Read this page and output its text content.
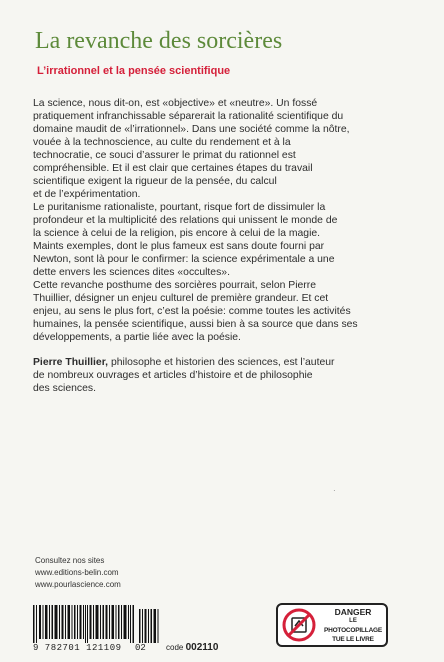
La revanche des sorcières
L’irrationnel et la pensée scientifique

La science, nous dit-on, est «objective» et «neutre». Un fossé
pratiquement infranchissable séparerait la rationalité scientifique du
domaine maudit de «l’irrationnel». Dans une société comme la nôtre,
vouée à la technoscience, au culte du rendement et à la
technocratie, ce souci d’assurer le primat du rationnel est
compréhensible. Et il est clair que certaines étapes du travail
scientifique exigent la rigueur de la pensée, du calcul
et de l’expérimentation.

Le puritanisme rationaliste, pourtant, risque fort de dissimuler la
profondeur et la multiplicité des relations qui unissent le monde de
la science à celui de la religion, pis encore à celui de la magie.
Maints exemples, dont le plus fameux est sans doute fourni par
Newton, sont là pour le confirmer: la science expérimentale a une
dette envers les sciences dites «occultes».

Cette revanche posthume des sorcières pourrait, selon Pierre
Thuillier, désigner un enjeu culturel de première grandeur. Et cet
enjeu, au sens le plus fort, c’est la poésie: comme toutes les activités
humaines, la pensée scientifique, aussi bien à sa source que dans ses
développements, a partie liée avec la poésie.

Pierre Thuillier, philosophe et historien des sciences, est l’auteur
de nombreux ouvrages et articles d’histoire et de philosophie
des sciences.

·
Consultez nos sites
www.editions-belin.com
www.pourlascience.com
9 782701 121109 02	code 002110
DANGER
LE
PHOTOCOPILLAGE
TUE LE LIVRE
